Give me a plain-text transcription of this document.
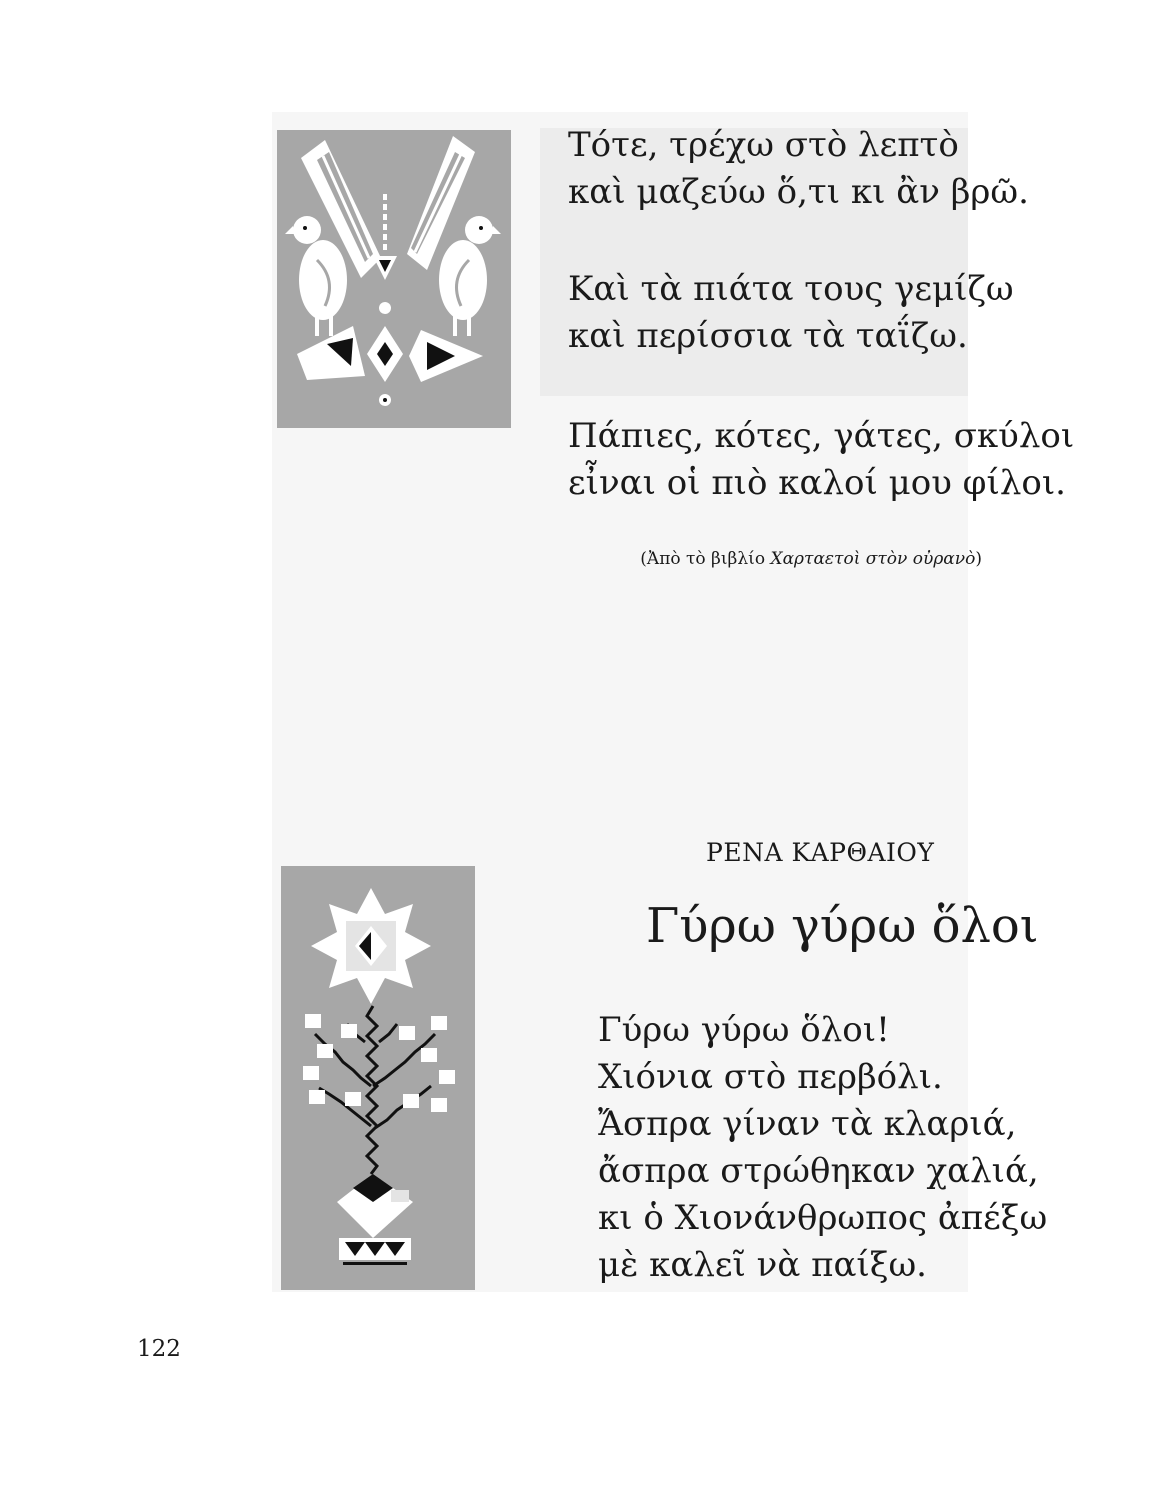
Τότε, τρέχω στὸ λεπτὸ
καὶ μαζεύω ὅ,τι κι ἂν βρῶ.
Καὶ τὰ πιάτα τους γεμίζω
καὶ περίσσια τὰ ταΐζω.
Πάπιες, κότες, γάτες, σκύλοι
εἶναι οἱ πιὸ καλοί μου φίλοι.
(Ἀπὸ τὸ βιβλίο Χαρταετοὶ στὸν οὐρανὸ)
ΡΕΝΑ ΚΑΡΘΑΙΟΥ
Γύρω γύρω ὅλοι
Γύρω γύρω ὅλοι!
Χιόνια στὸ περβόλι.
Ἄσπρα γίναν τὰ κλαριά,
ἄσπρα στρώθηκαν χαλιά,
κι ὁ Χιονάνθρωπος ἀπέξω
μὲ καλεῖ νὰ παίξω.
122
